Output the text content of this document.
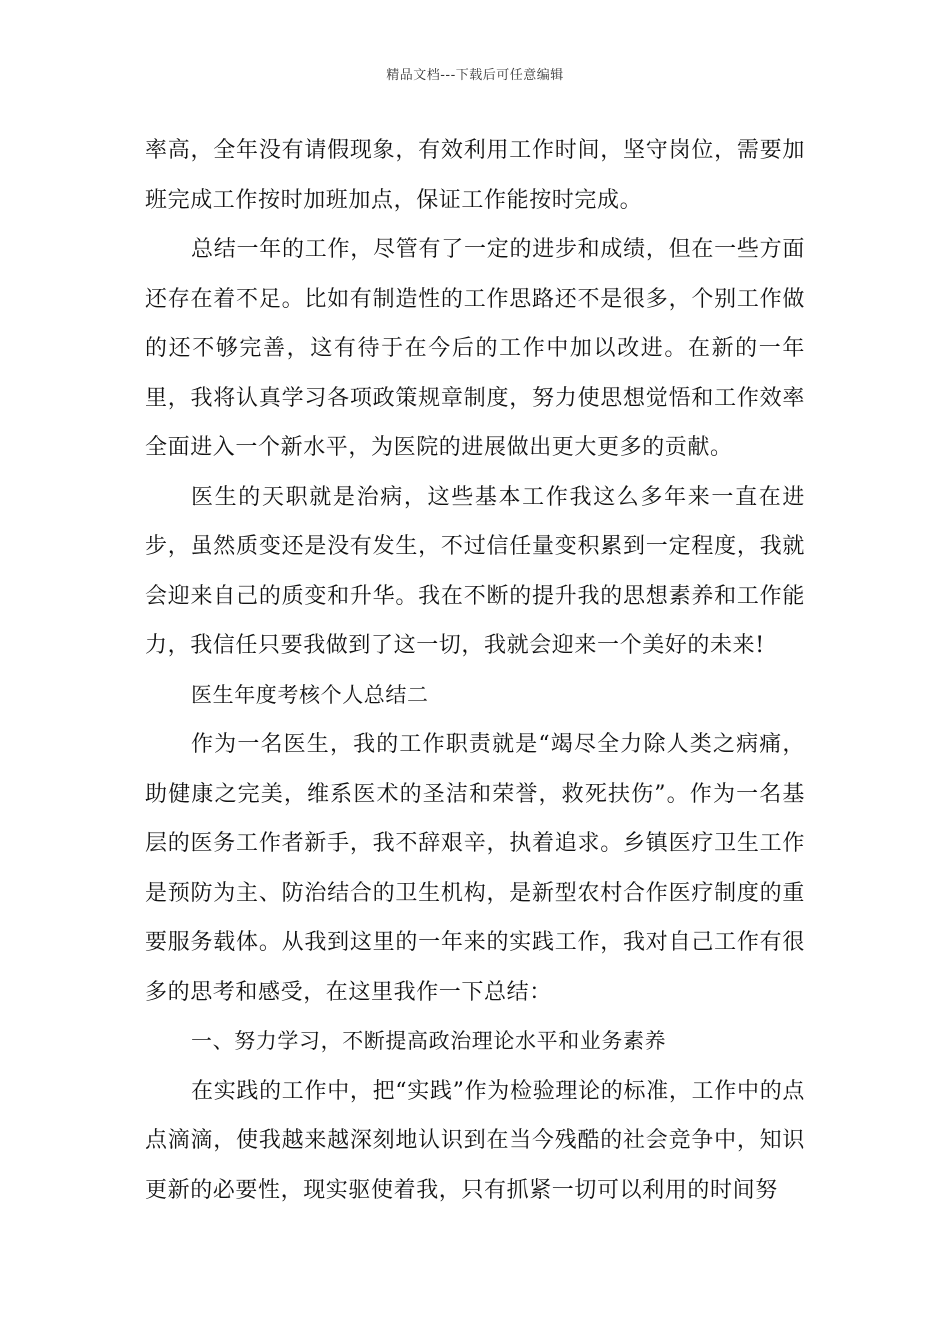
精品文档---下载后可任意编辑

率高，全年没有请假现象，有效利用工作时间，坚守岗位，需要加班完成工作按时加班加点，保证工作能按时完成。

总结一年的工作，尽管有了一定的进步和成绩，但在一些方面还存在着不足。比如有制造性的工作思路还不是很多，个别工作做的还不够完善，这有待于在今后的工作中加以改进。在新的一年里，我将认真学习各项政策规章制度，努力使思想觉悟和工作效率全面进入一个新水平，为医院的进展做出更大更多的贡献。

医生的天职就是治病，这些基本工作我这么多年来一直在进步，虽然质变还是没有发生，不过信任量变积累到一定程度，我就会迎来自己的质变和升华。我在不断的提升我的思想素养和工作能力，我信任只要我做到了这一切，我就会迎来一个美好的未来!

医生年度考核个人总结二

作为一名医生，我的工作职责就是“竭尽全力除人类之病痛，助健康之完美，维系医术的圣洁和荣誉，救死扶伤”。作为一名基层的医务工作者新手，我不辞艰辛，执着追求。乡镇医疗卫生工作是预防为主、防治结合的卫生机构，是新型农村合作医疗制度的重要服务载体。从我到这里的一年来的实践工作，我对自己工作有很多的思考和感受，在这里我作一下总结：

一、努力学习，不断提高政治理论水平和业务素养

在实践的工作中，把“实践”作为检验理论的标准，工作中的点点滴滴，使我越来越深刻地认识到在当今残酷的社会竞争中，知识更新的必要性，现实驱使着我，只有抓紧一切可以利用的时间努
